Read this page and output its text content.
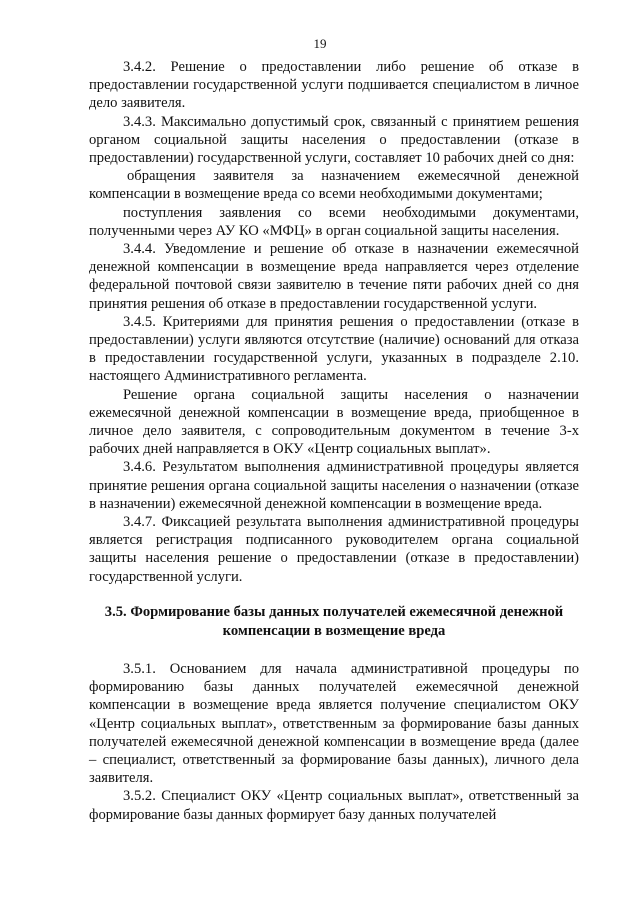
19

3.4.2. Решение о предоставлении либо решение об отказе в предоставлении государственной услуги подшивается специалистом в личное дело заявителя.

3.4.3. Максимально допустимый срок, связанный с принятием решения органом социальной защиты населения о предоставлении (отказе в предоставлении) государственной услуги, составляет 10 рабочих дней со дня:

обращения заявителя за назначением ежемесячной денежной компенсации в возмещение вреда со всеми необходимыми документами;

поступления заявления со всеми необходимыми документами, полученными через АУ КО «МФЦ» в орган социальной защиты населения.

3.4.4. Уведомление и решение об отказе в назначении ежемесячной денежной компенсации в возмещение вреда направляется через отделение федеральной почтовой связи заявителю в течение пяти рабочих дней со дня принятия решения об отказе в предоставлении государственной услуги.

3.4.5. Критериями для принятия решения о предоставлении (отказе в предоставлении) услуги являются отсутствие (наличие) оснований для отказа в предоставлении государственной услуги, указанных в подразделе 2.10. настоящего Административного регламента.

Решение органа социальной защиты населения о назначении ежемесячной денежной компенсации в возмещение вреда, приобщенное в личное дело заявителя, с сопроводительным документом в течение 3-х рабочих дней направляется в ОКУ «Центр социальных выплат».

3.4.6. Результатом выполнения административной процедуры является принятие решения органа социальной защиты населения о назначении (отказе в назначении) ежемесячной денежной компенсации в возмещение вреда.

3.4.7. Фиксацией результата выполнения административной процедуры является регистрация подписанного руководителем органа социальной защиты населения решение о предоставлении (отказе в предоставлении) государственной услуги.

3.5. Формирование базы данных получателей ежемесячной денежной компенсации в возмещение вреда

3.5.1. Основанием для начала административной процедуры по формированию базы данных получателей ежемесячной денежной компенсации в возмещение вреда является получение специалистом ОКУ «Центр социальных выплат», ответственным за формирование базы данных получателей ежемесячной денежной компенсации в возмещение вреда (далее – специалист, ответственный за формирование базы данных), личного дела заявителя.

3.5.2. Специалист ОКУ «Центр социальных выплат», ответственный за формирование базы данных формирует базу данных получателей
